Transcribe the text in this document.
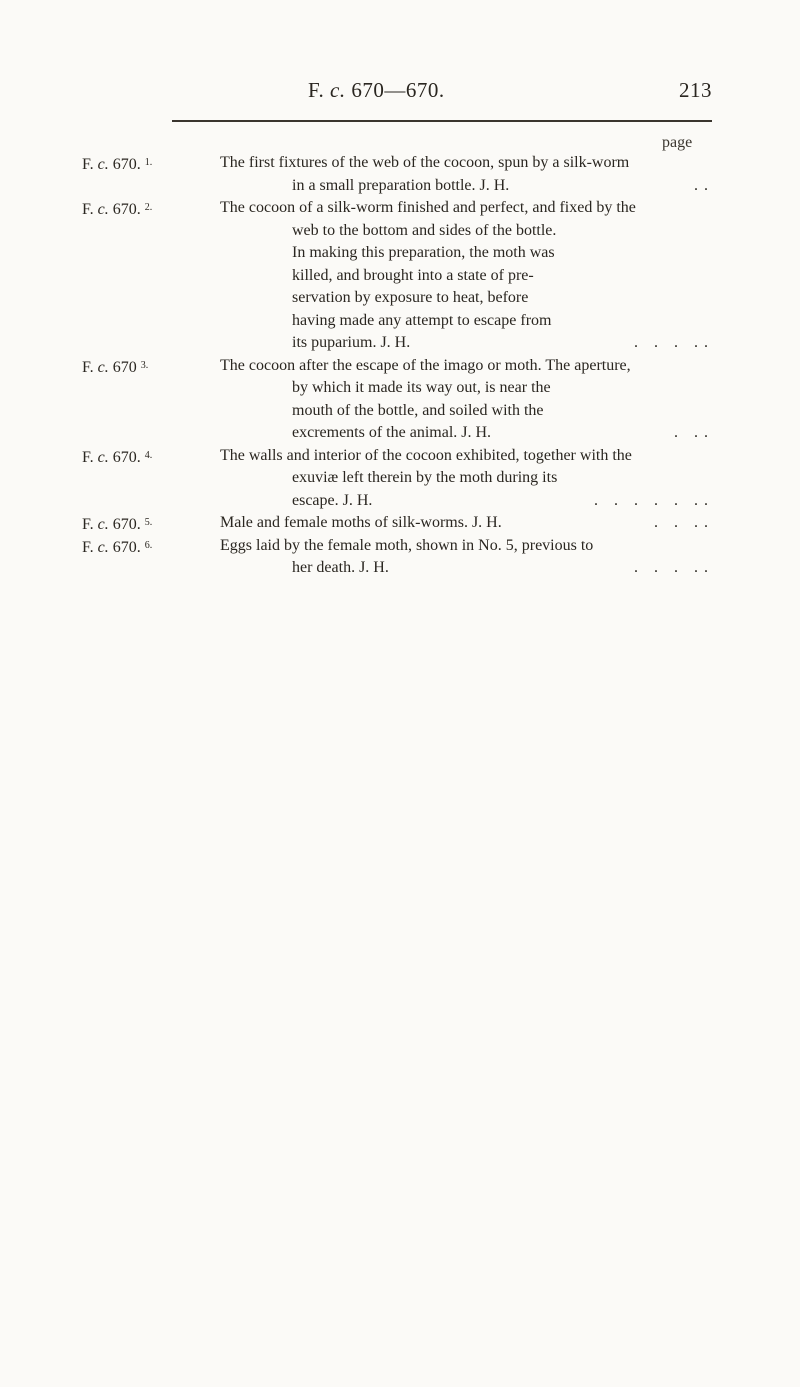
F. c. 670—670.	213
page
F. c. 670. $^{1.}$	The first fixtures of the web of the cocoon, spun by a silk-worm
in a small preparation bottle. J. H.	..
F. c. 670. $^{2.}$	The cocoon of a silk-worm finished and perfect, and fixed by the
web to the bottom and sides of the bottle.
In making this preparation, the moth was
killed, and brought into a state of pre-
servation by exposure to heat, before
having made any attempt to escape from
its puparium. J. H.	. . . ..
F. c. 670 $^{3.}$	The cocoon after the escape of the imago or moth. The aperture,
by which it made its way out, is near the
mouth of the bottle, and soiled with the
excrements of the animal. J. H.	. ..
F. c. 670. $^{4.}$	The walls and interior of the cocoon exhibited, together with the
exuviæ left therein by the moth during its
escape. J. H.	. . . . . ..
F. c. 670. $^{5.}$	Male and female moths of silk-worms. J. H.	. . ..
F. c. 670. $^{6.}$	Eggs laid by the female moth, shown in No. 5, previous to
her death. J. H.	. . . ..
